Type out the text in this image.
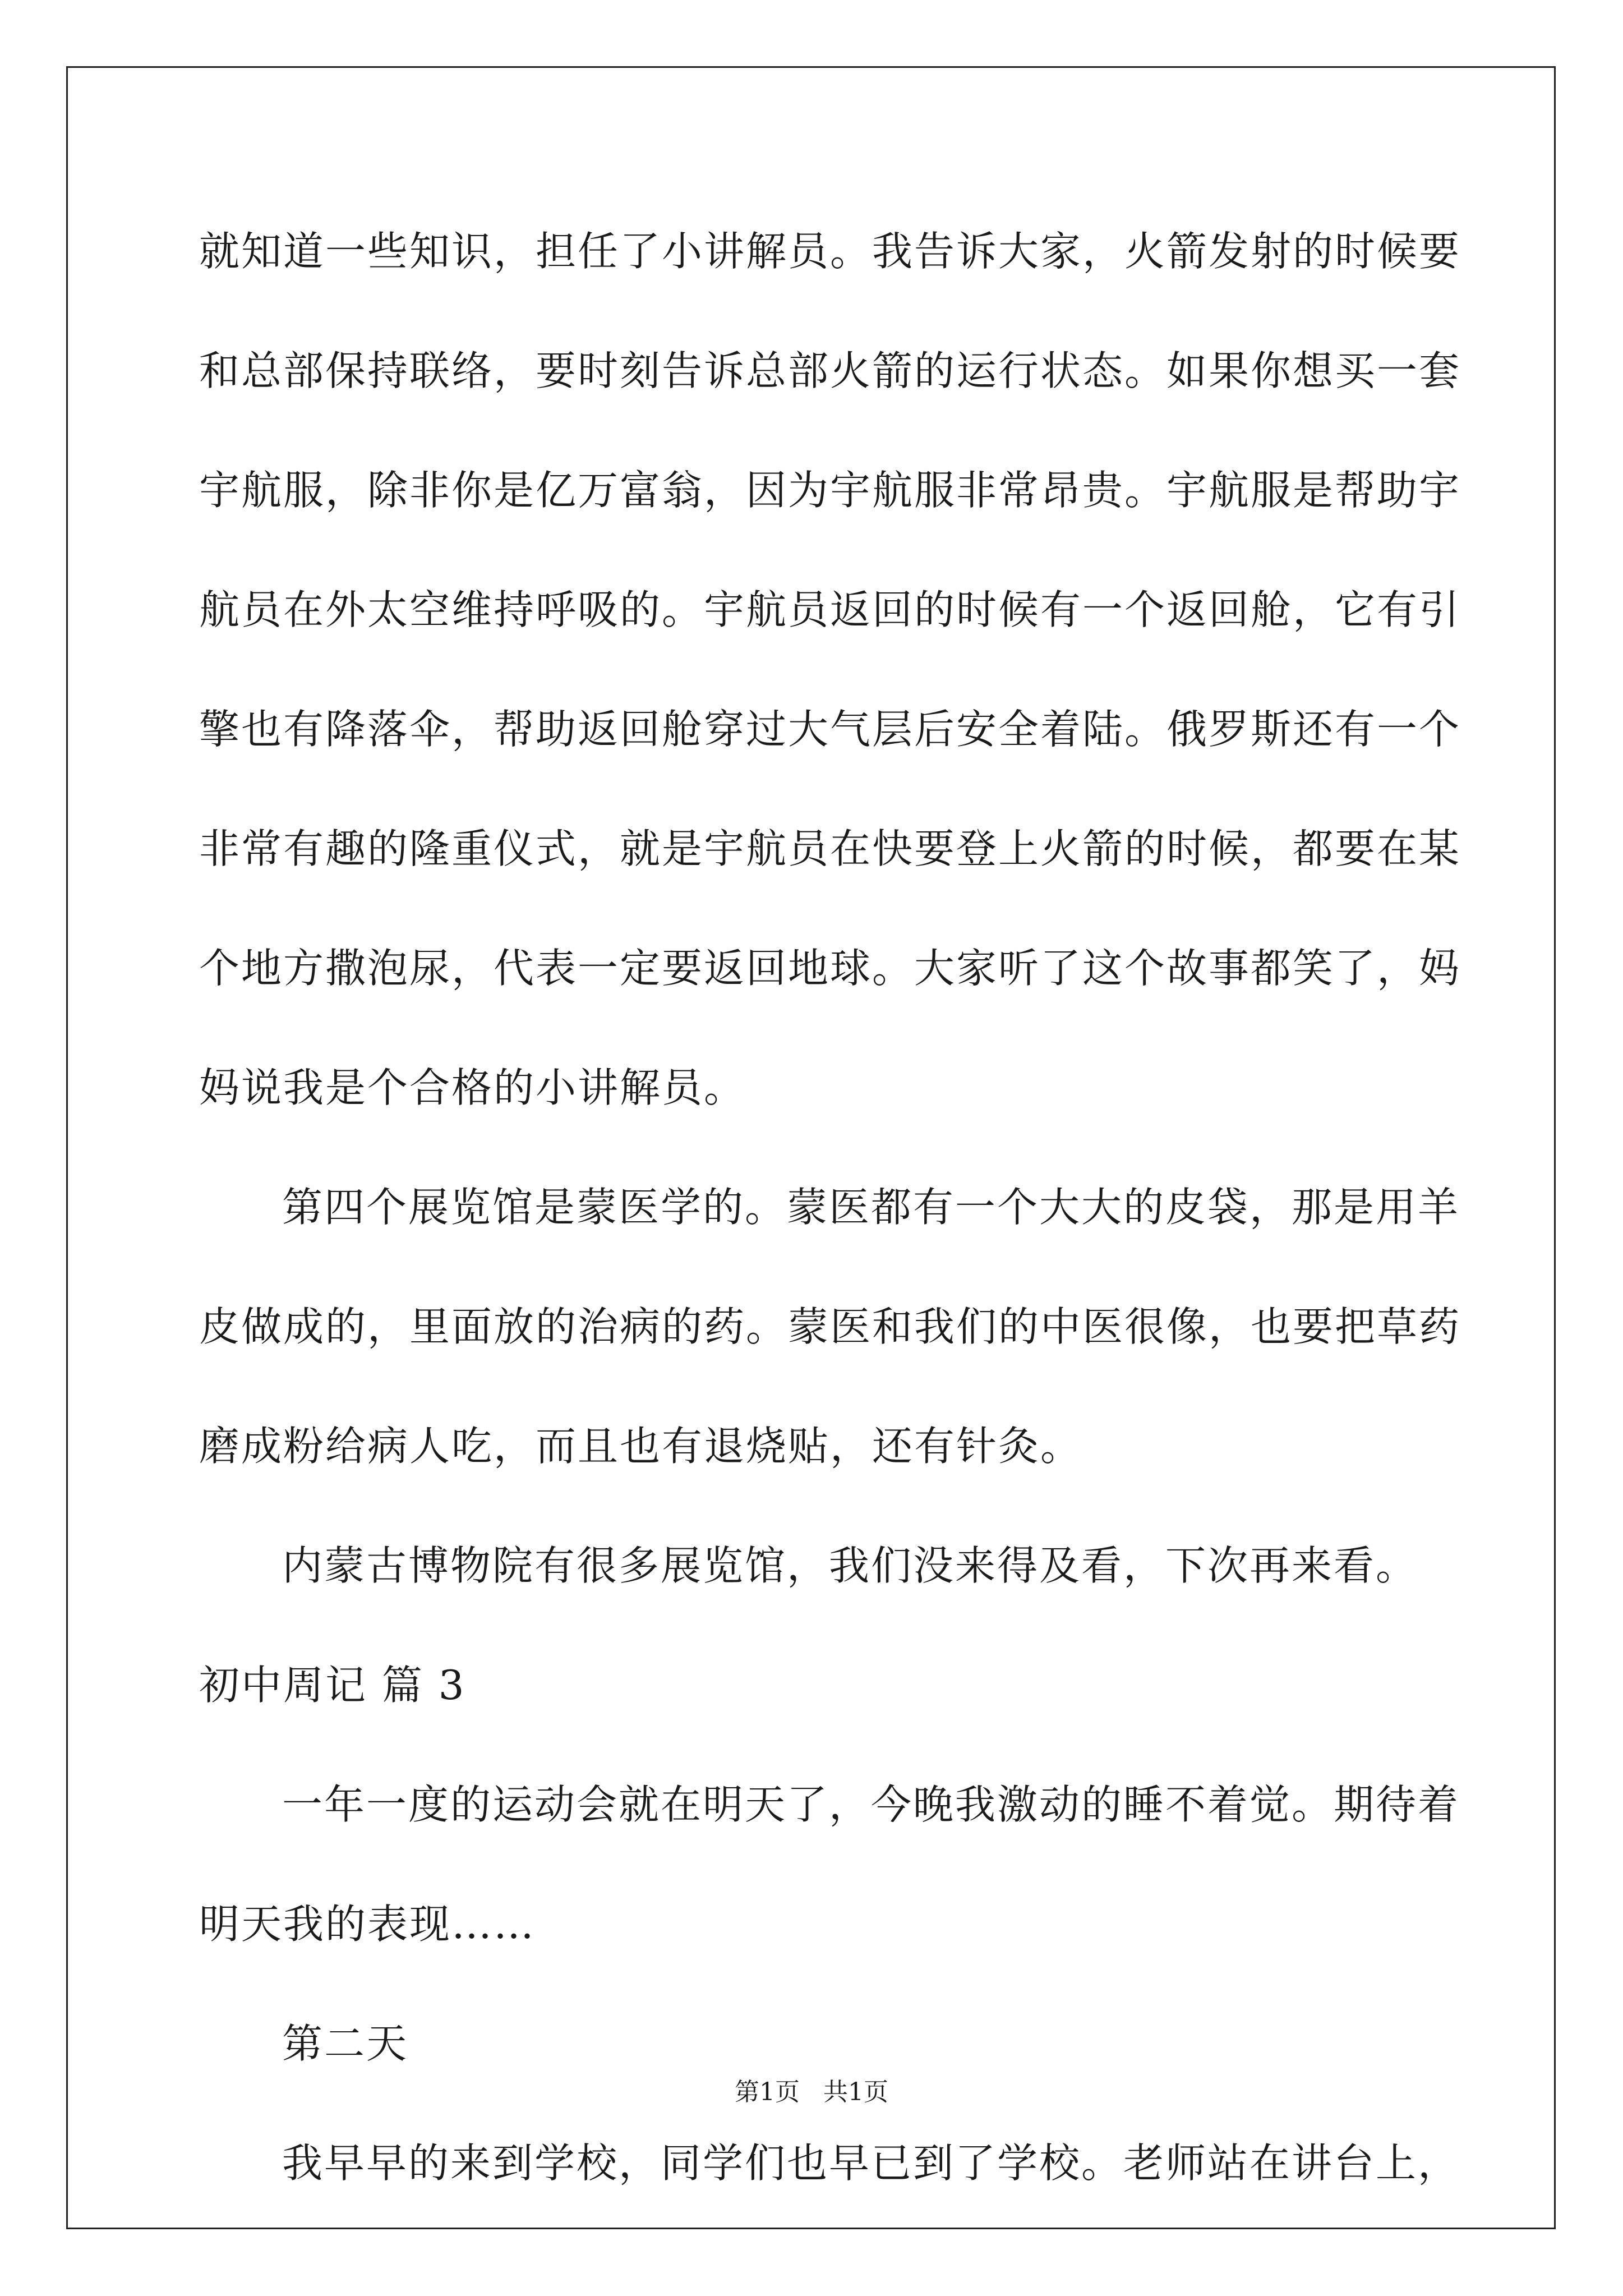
就知道一些知识，担任了小讲解员。我告诉大家，火箭发射的时候要
和总部保持联络，要时刻告诉总部火箭的运行状态。如果你想买一套
宇航服，除非你是亿万富翁，因为宇航服非常昂贵。宇航服是帮助宇
航员在外太空维持呼吸的。宇航员返回的时候有一个返回舱，它有引
擎也有降落伞，帮助返回舱穿过大气层后安全着陆。俄罗斯还有一个
非常有趣的隆重仪式，就是宇航员在快要登上火箭的时候，都要在某
个地方撒泡尿，代表一定要返回地球。大家听了这个故事都笑了，妈
妈说我是个合格的小讲解员。
第四个展览馆是蒙医学的。蒙医都有一个大大的皮袋，那是用羊
皮做成的，里面放的治病的药。蒙医和我们的中医很像，也要把草药
磨成粉给病人吃，而且也有退烧贴，还有针灸。
内蒙古博物院有很多展览馆，我们没来得及看，下次再来看。
初中周记 篇 3
一年一度的运动会就在明天了，今晚我激动的睡不着觉。期待着
明天我的表现……
第二天
我早早的来到学校，同学们也早已到了学校。老师站在讲台上，
第1页   共1页
